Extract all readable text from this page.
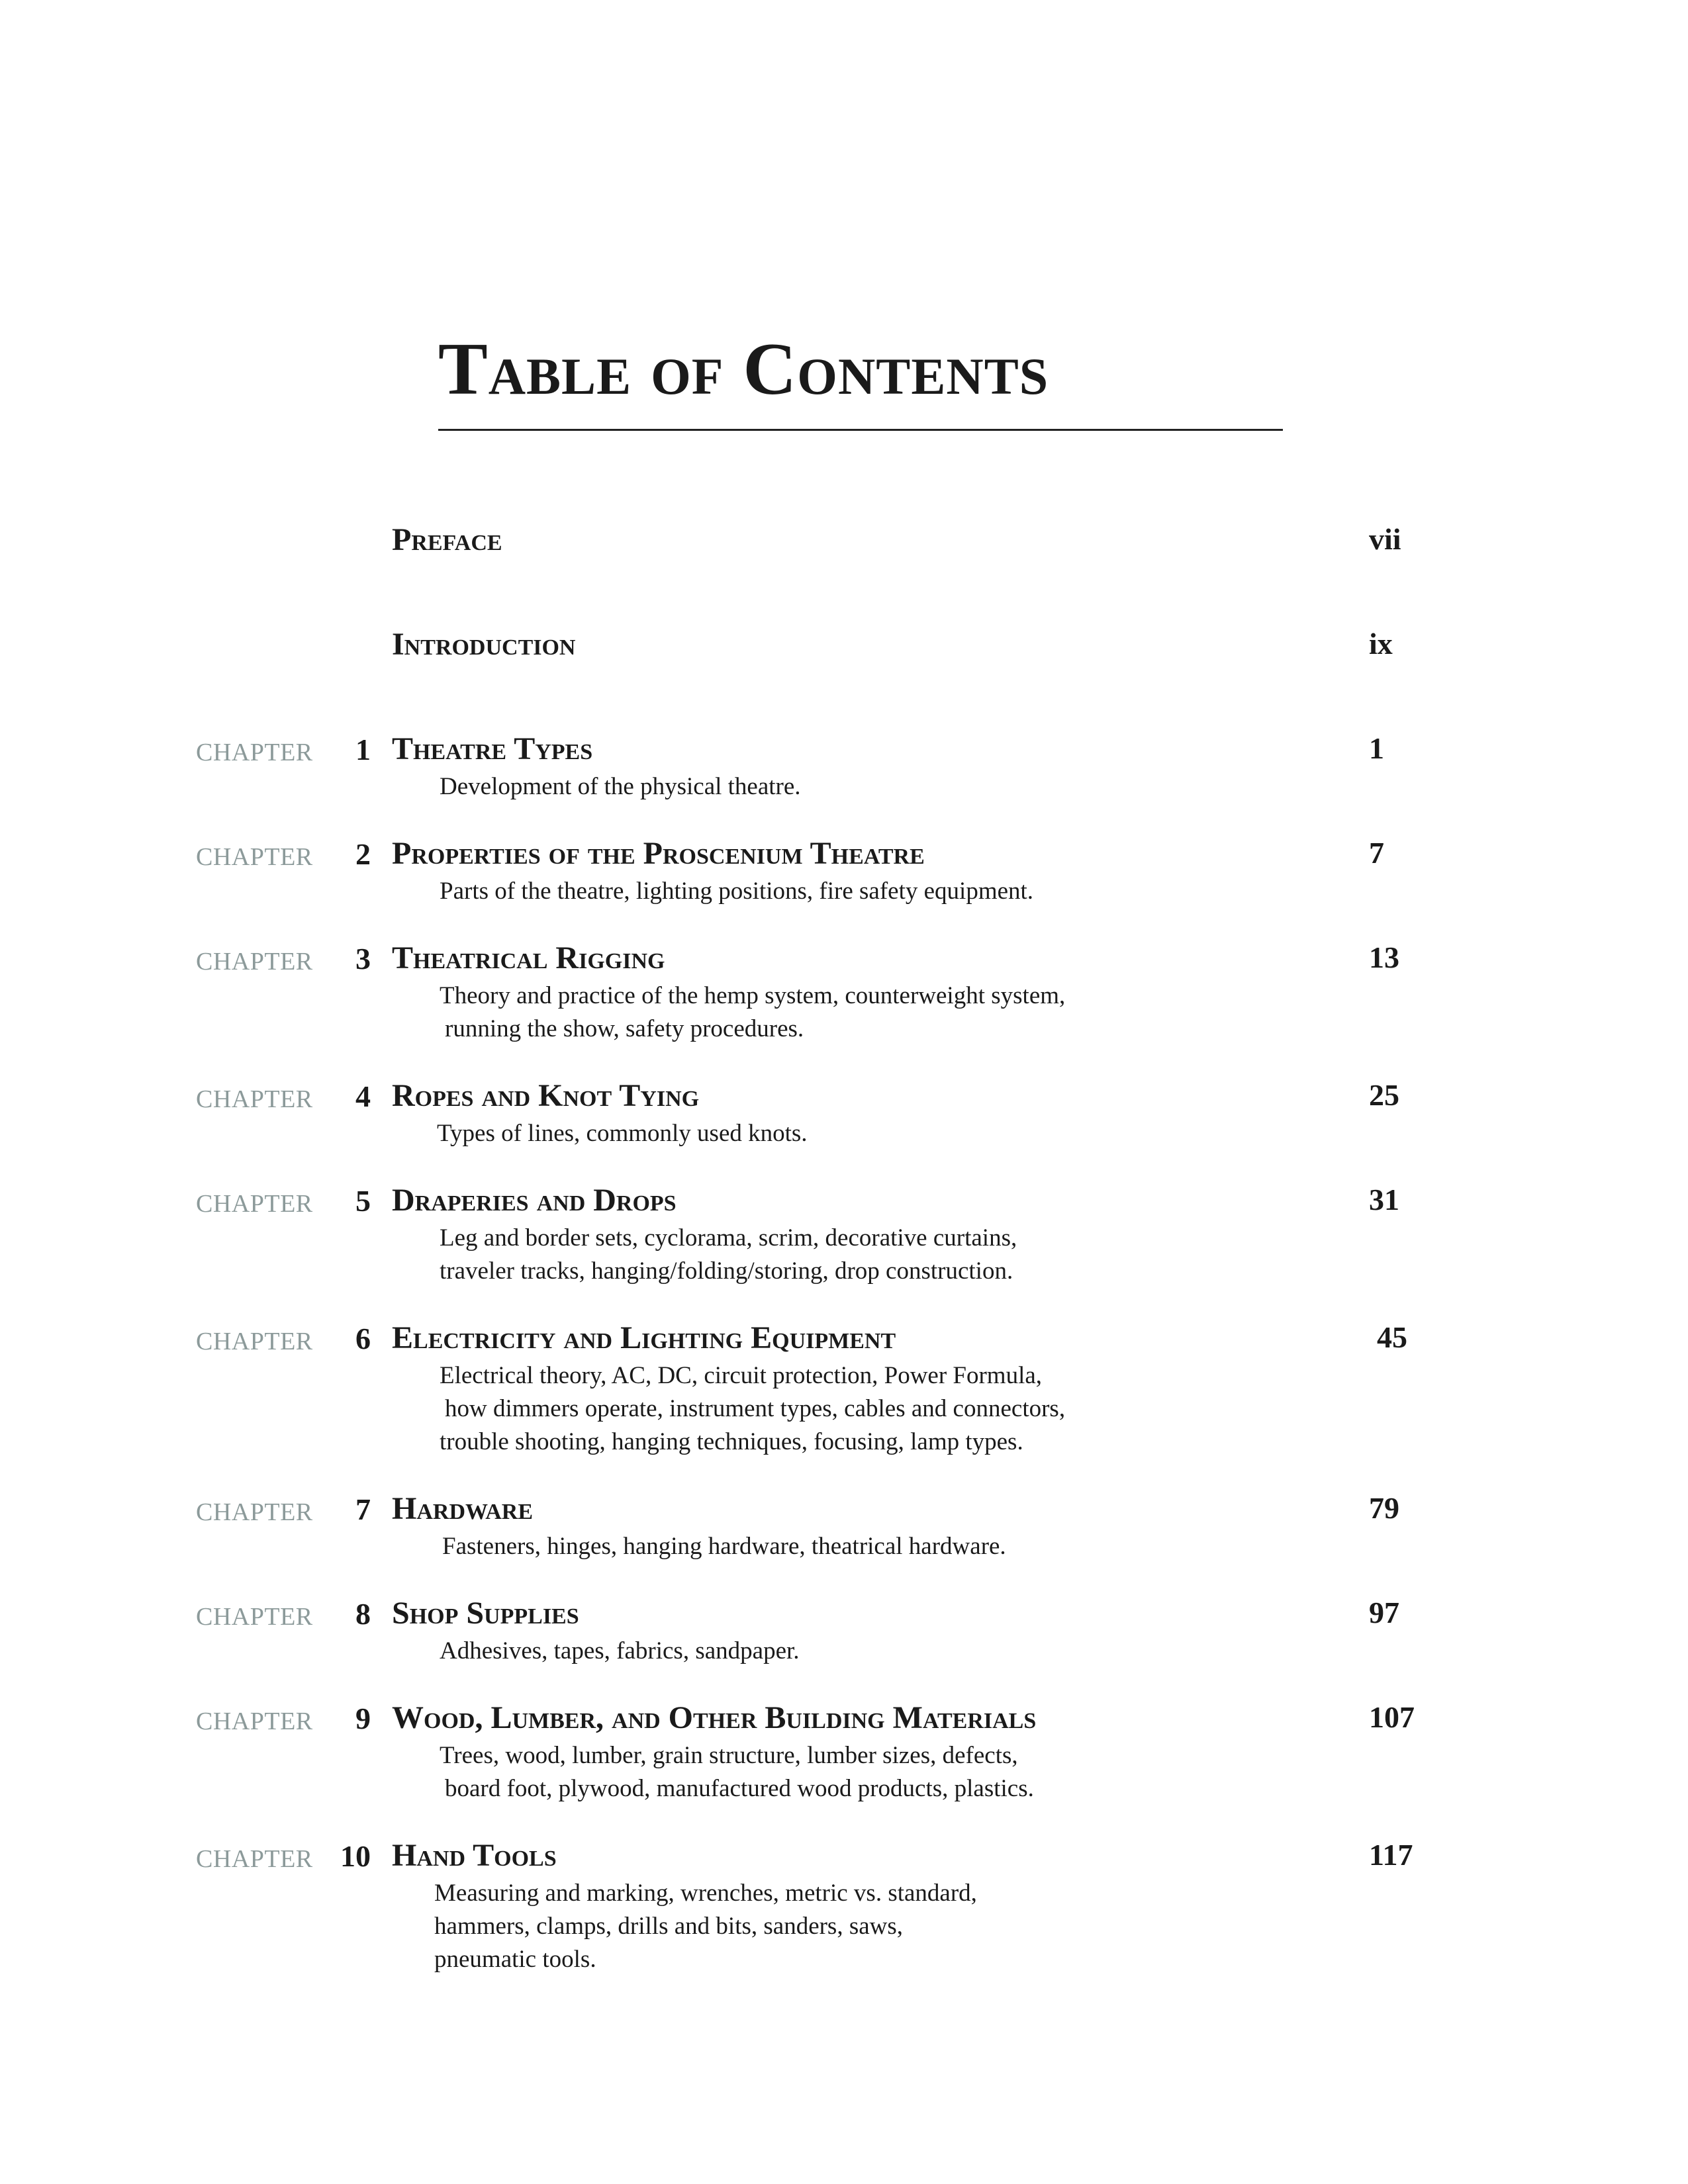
Table of Contents
Preface	vii
Introduction	ix
CHAPTER 1 Theatre Types	1
Development of the physical theatre.
CHAPTER 2 Properties of the Proscenium Theatre	7
Parts of the theatre, lighting positions, fire safety equipment.
CHAPTER 3 Theatrical Rigging	13
Theory and practice of the hemp system, counterweight system,
running the show, safety procedures.
CHAPTER 4 Ropes and Knot Tying	25
Types of lines, commonly used knots.
CHAPTER 5 Draperies and Drops	31
Leg and border sets, cyclorama, scrim, decorative curtains,
traveler tracks, hanging/folding/storing, drop construction.
CHAPTER 6 Electricity and Lighting Equipment	45
Electrical theory, AC, DC, circuit protection, Power Formula,
how dimmers operate, instrument types, cables and connectors,
trouble shooting, hanging techniques, focusing, lamp types.
CHAPTER 7 Hardware	79
Fasteners, hinges, hanging hardware, theatrical hardware.
CHAPTER 8 Shop Supplies	97
Adhesives, tapes, fabrics, sandpaper.
CHAPTER 9 Wood, Lumber, and Other Building Materials	107
Trees, wood, lumber, grain structure, lumber sizes, defects,
board foot, plywood, manufactured wood products, plastics.
CHAPTER 10 Hand Tools	117
Measuring and marking, wrenches, metric vs. standard,
hammers, clamps, drills and bits, sanders, saws,
pneumatic tools.
